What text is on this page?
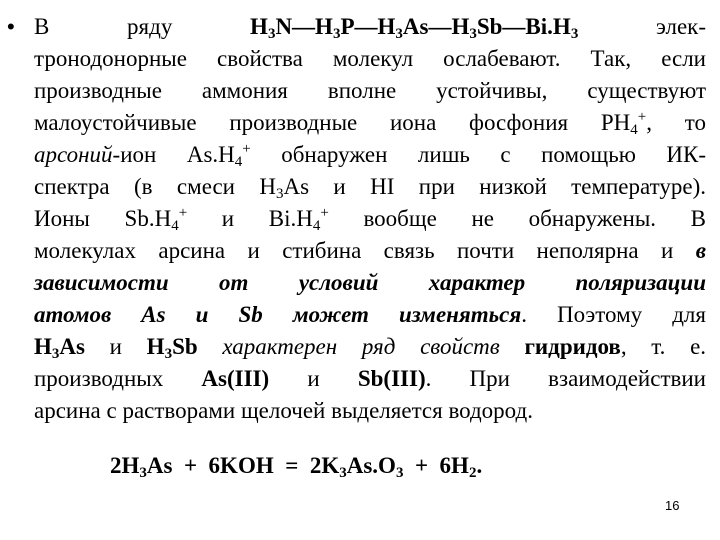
• В ряду $H_3N—H_3P—H_3As—H_3Sb—Bi.H_3$ элек-
тронодонорные свойства молекул ослабевают. Так, если
производные аммония вполне устойчивы, существуют
малоустойчивые производные иона фосфония $PH_4^+$, то
арсоний-ион $As.H_4^+$ обнаружен лишь с помощью ИК-
спектра (в смеси $H_3As$ и HI при низкой температуре).
Ионы $Sb.H_4^+$ и $Bi.H_4^+$ вообще не обнаружены. В
молекулах арсина и стибина связь почти неполярна и в
зависимости от условий характер поляризации
атомов As и Sb может изменяться. Поэтому для
$H_3As$ и $H_3Sb$ характерен ряд свойств гидридов, т. е.
производных As(III) и Sb(III). При взаимодействии
арсина с растворами щелочей выделяется водород.
$2H_3As + 6KOH = 2K_3As.O_3 + 6H_2$.
16
